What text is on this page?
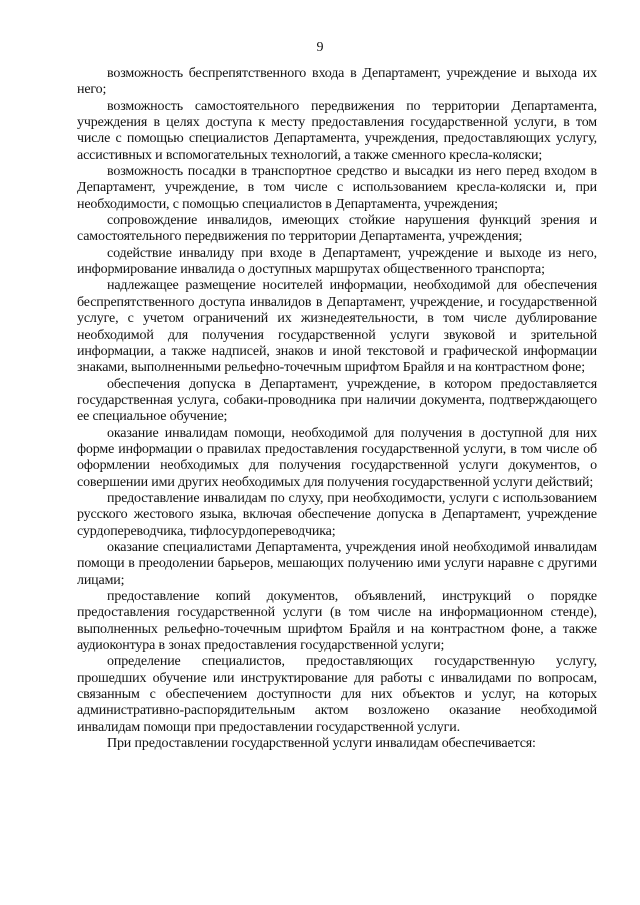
9

возможность беспрепятственного входа в Департамент, учреждение и выхода их него;

возможность самостоятельного передвижения по территории Департамента, учреждения в целях доступа к месту предоставления государственной услуги, в том числе с помощью специалистов Департамента, учреждения, предоставляющих услугу, ассистивных и вспомогательных технологий, а также сменного кресла-коляски;

возможность посадки в транспортное средство и высадки из него перед входом в Департамент, учреждение, в том числе с использованием кресла-коляски и, при необходимости, с помощью специалистов в Департамента, учреждения;

сопровождение инвалидов, имеющих стойкие нарушения функций зрения и самостоятельного передвижения по территории Департамента, учреждения;

содействие инвалиду при входе в Департамент, учреждение и выходе из него, информирование инвалида о доступных маршрутах общественного транспорта;

надлежащее размещение носителей информации, необходимой для обеспечения беспрепятственного доступа инвалидов в Департамент, учреждение, и государственной услуге, с учетом ограничений их жизнедеятельности, в том числе дублирование необходимой для получения государственной услуги звуковой и зрительной информации, а также надписей, знаков и иной текстовой и графической информации знаками, выполненными рельефно-точечным шрифтом Брайля и на контрастном фоне;

обеспечения допуска в Департамент, учреждение, в котором предоставляется государственная услуга, собаки-проводника при наличии документа, подтверждающего ее специальное обучение;

оказание инвалидам помощи, необходимой для получения в доступной для них форме информации о правилах предоставления государственной услуги, в том числе об оформлении необходимых для получения государственной услуги документов, о совершении ими других необходимых для получения государственной услуги действий;

предоставление инвалидам по слуху, при необходимости, услуги с использованием русского жестового языка, включая обеспечение допуска в Департамент, учреждение сурдопереводчика, тифлосурдопереводчика;

оказание специалистами Департамента, учреждения иной необходимой инвалидам помощи в преодолении барьеров, мешающих получению ими услуги наравне с другими лицами;

предоставление копий документов, объявлений, инструкций о порядке предоставления государственной услуги (в том числе на информационном стенде), выполненных рельефно-точечным шрифтом Брайля и на контрастном фоне, а также аудиоконтура в зонах предоставления государственной услуги;

определение специалистов, предоставляющих государственную услугу, прошедших обучение или инструктирование для работы с инвалидами по вопросам, связанным с обеспечением доступности для них объектов и услуг, на которых административно-распорядительным актом возложено оказание необходимой инвалидам помощи при предоставлении государственной услуги.

При предоставлении государственной услуги инвалидам обеспечивается:
